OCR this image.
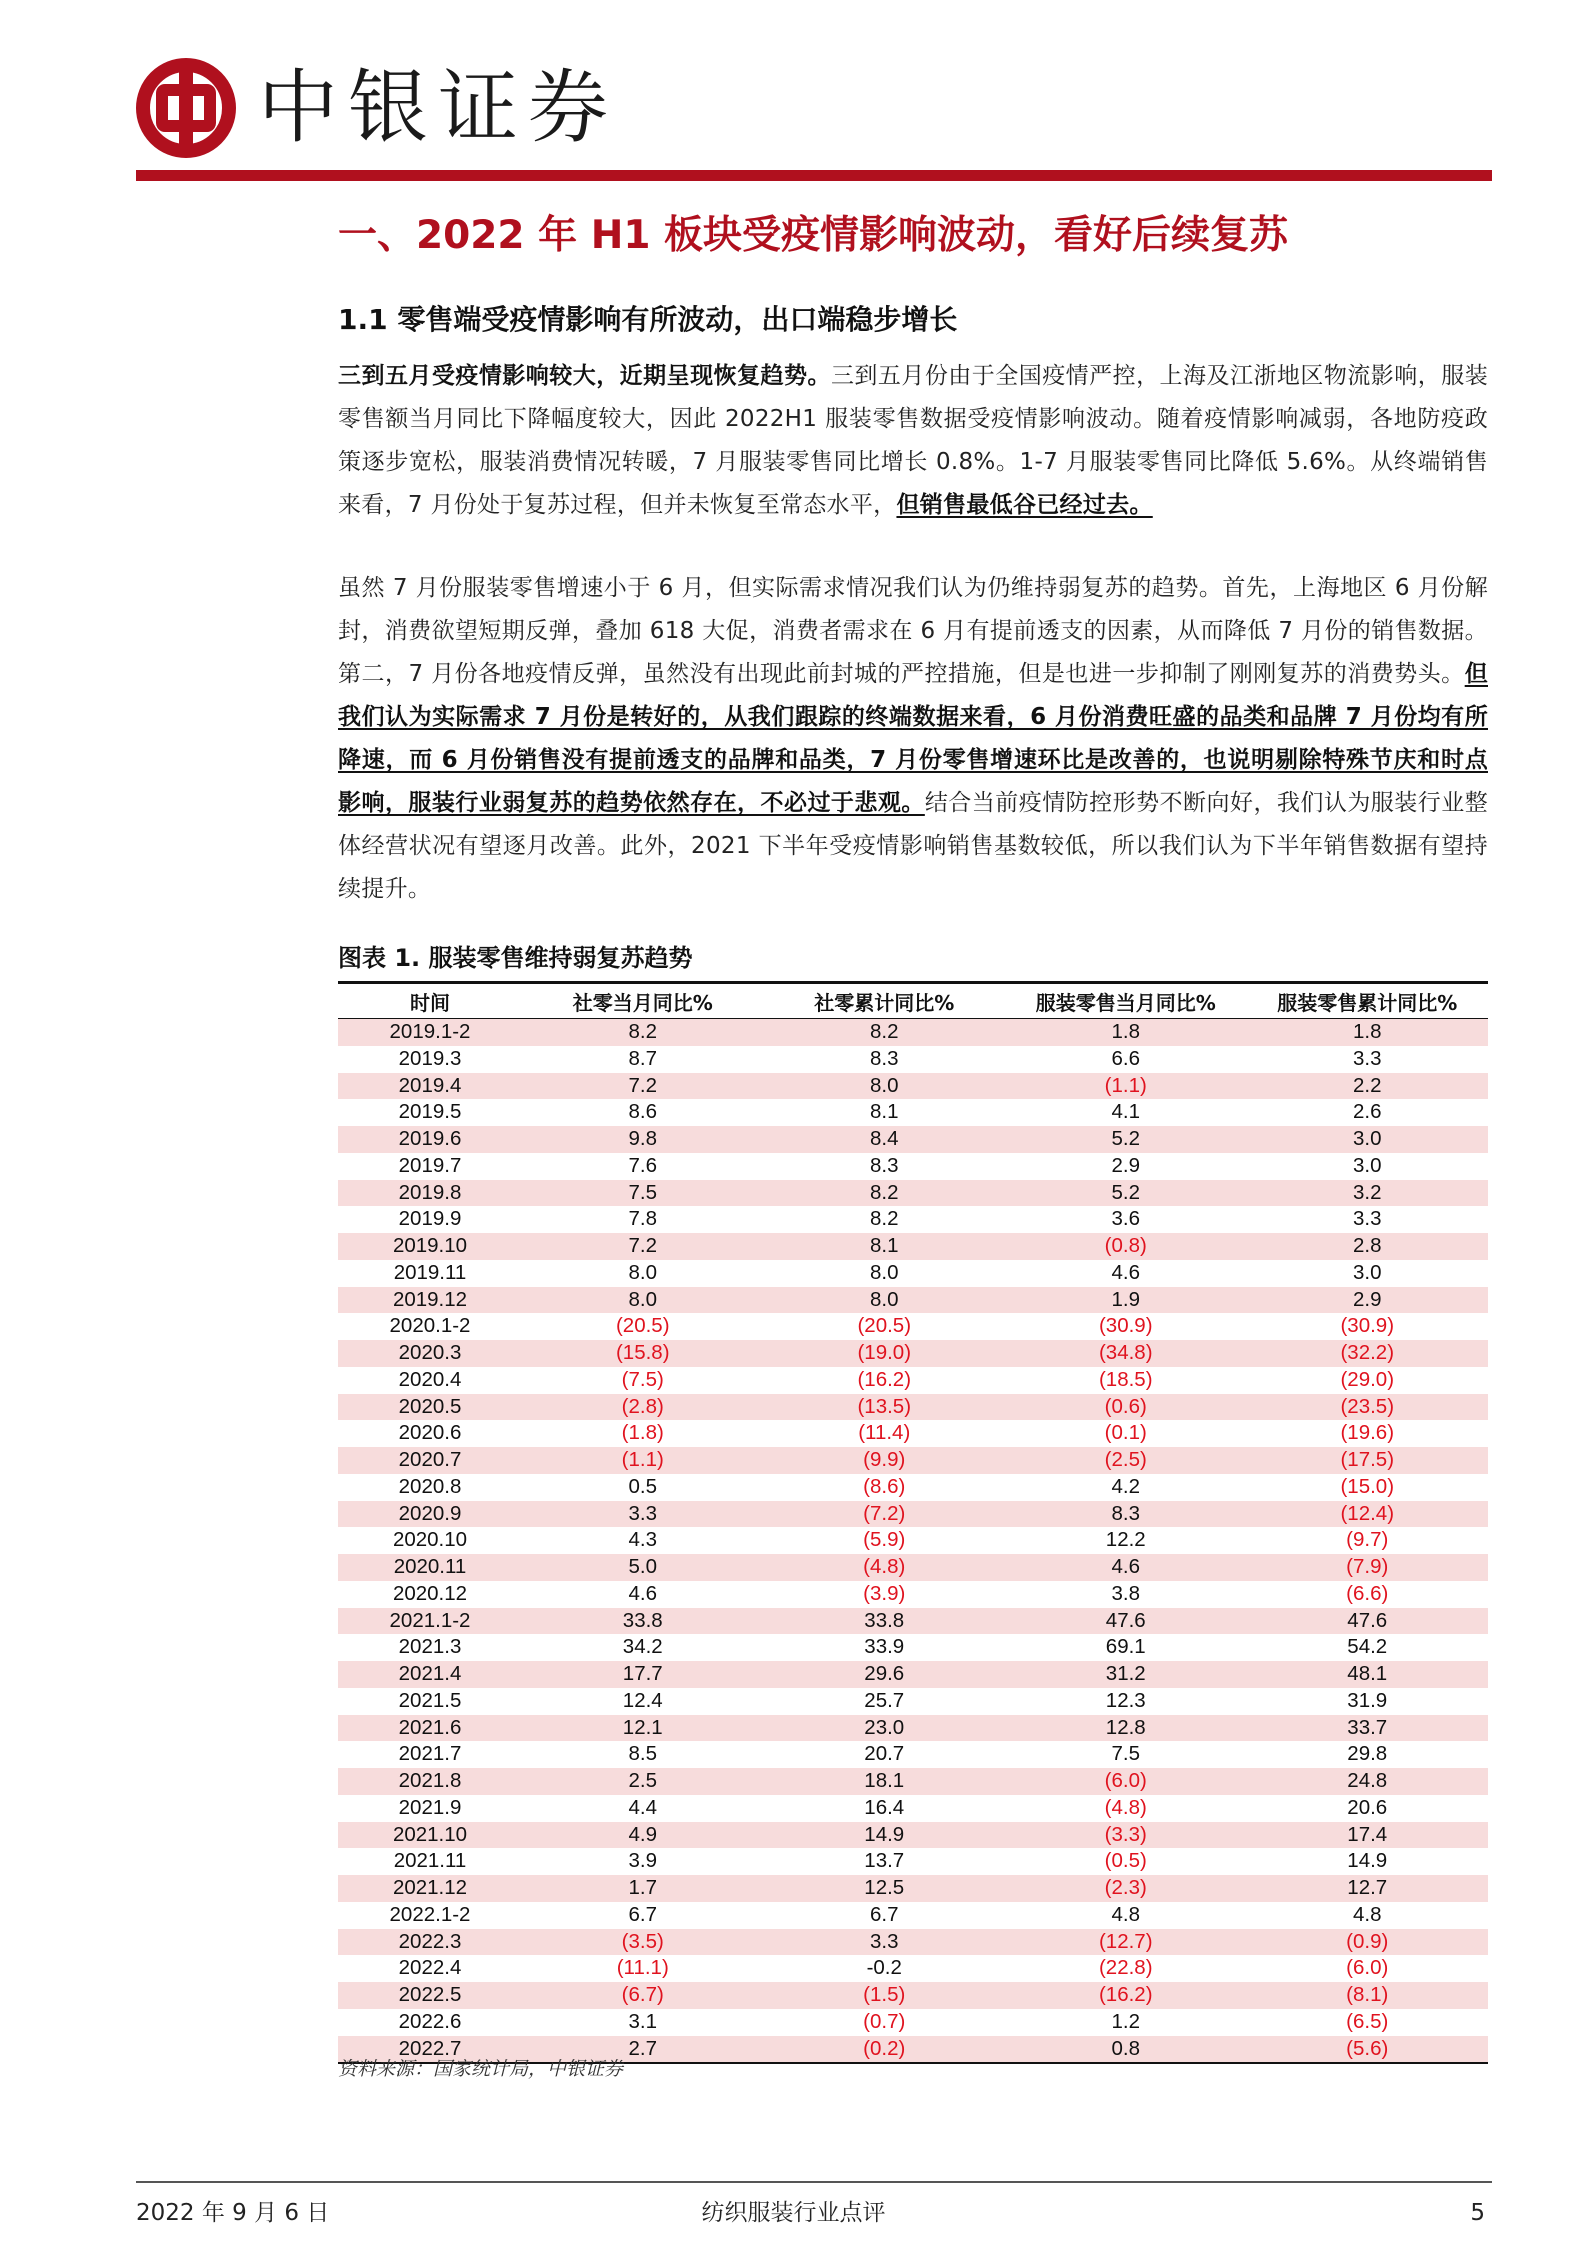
中银证券
一、2022 年 H1 板块受疫情影响波动，看好后续复苏
1.1 零售端受疫情影响有所波动，出口端稳步增长
三到五月受疫情影响较大，近期呈现恢复趋势。三到五月份由于全国疫情严控，上海及江浙地区物流影响，服装零售额当月同比下降幅度较大，因此 2022H1 服装零售数据受疫情影响波动。随着疫情影响减弱，各地防疫政策逐步宽松，服装消费情况转暖，7 月服装零售同比增长 0.8%。1-7 月服装零售同比降低 5.6%。从终端销售来看，7 月份处于复苏过程，但并未恢复至常态水平，但销售最低谷已经过去。
虽然 7 月份服装零售增速小于 6 月，但实际需求情况我们认为仍维持弱复苏的趋势。首先，上海地区 6 月份解封，消费欲望短期反弹，叠加 618 大促，消费者需求在 6 月有提前透支的因素，从而降低 7 月份的销售数据。第二，7 月份各地疫情反弹，虽然没有出现此前封城的严控措施，但是也进一步抑制了刚刚复苏的消费势头。但我们认为实际需求 7 月份是转好的，从我们跟踪的终端数据来看，6 月份消费旺盛的品类和品牌 7 月份均有所降速，而 6 月份销售没有提前透支的品牌和品类，7 月份零售增速环比是改善的，也说明剔除特殊节庆和时点影响，服装行业弱复苏的趋势依然存在，不必过于悲观。结合当前疫情防控形势不断向好，我们认为服装行业整体经营状况有望逐月改善。此外，2021 下半年受疫情影响销售基数较低，所以我们认为下半年销售数据有望持续提升。
图表 1. 服装零售维持弱复苏趋势
时间	社零当月同比%	社零累计同比%	服装零售当月同比%	服装零售累计同比%
2019.1-2	8.2	8.2	1.8	1.8
2019.3	8.7	8.3	6.6	3.3
2019.4	7.2	8.0	(1.1)	2.2
2019.5	8.6	8.1	4.1	2.6
2019.6	9.8	8.4	5.2	3.0
2019.7	7.6	8.3	2.9	3.0
2019.8	7.5	8.2	5.2	3.2
2019.9	7.8	8.2	3.6	3.3
2019.10	7.2	8.1	(0.8)	2.8
2019.11	8.0	8.0	4.6	3.0
2019.12	8.0	8.0	1.9	2.9
2020.1-2	(20.5)	(20.5)	(30.9)	(30.9)
2020.3	(15.8)	(19.0)	(34.8)	(32.2)
2020.4	(7.5)	(16.2)	(18.5)	(29.0)
2020.5	(2.8)	(13.5)	(0.6)	(23.5)
2020.6	(1.8)	(11.4)	(0.1)	(19.6)
2020.7	(1.1)	(9.9)	(2.5)	(17.5)
2020.8	0.5	(8.6)	4.2	(15.0)
2020.9	3.3	(7.2)	8.3	(12.4)
2020.10	4.3	(5.9)	12.2	(9.7)
2020.11	5.0	(4.8)	4.6	(7.9)
2020.12	4.6	(3.9)	3.8	(6.6)
2021.1-2	33.8	33.8	47.6	47.6
2021.3	34.2	33.9	69.1	54.2
2021.4	17.7	29.6	31.2	48.1
2021.5	12.4	25.7	12.3	31.9
2021.6	12.1	23.0	12.8	33.7
2021.7	8.5	20.7	7.5	29.8
2021.8	2.5	18.1	(6.0)	24.8
2021.9	4.4	16.4	(4.8)	20.6
2021.10	4.9	14.9	(3.3)	17.4
2021.11	3.9	13.7	(0.5)	14.9
2021.12	1.7	12.5	(2.3)	12.7
2022.1-2	6.7	6.7	4.8	4.8
2022.3	(3.5)	3.3	(12.7)	(0.9)
2022.4	(11.1)	-0.2	(22.8)	(6.0)
2022.5	(6.7)	(1.5)	(16.2)	(8.1)
2022.6	3.1	(0.7)	1.2	(6.5)
2022.7	2.7	(0.2)	0.8	(5.6)
资料来源：国家统计局，中银证券
2022 年 9 月 6 日	纺织服装行业点评	5
